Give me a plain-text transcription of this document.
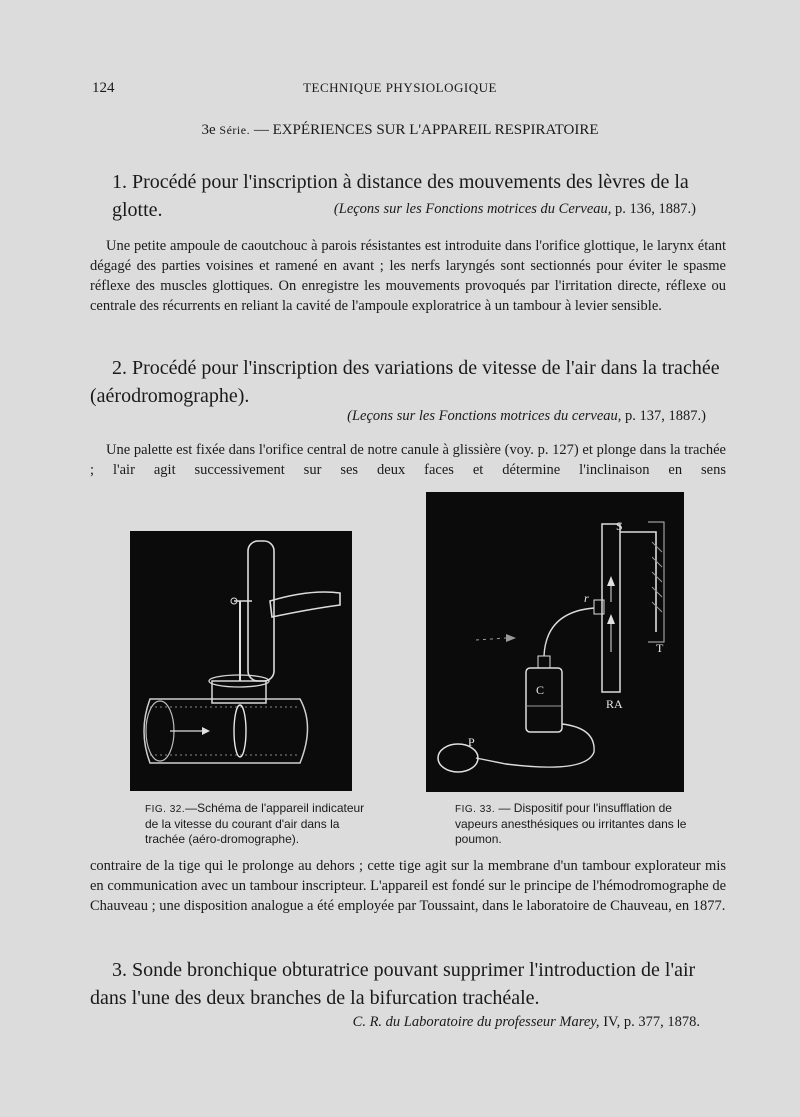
124	TECHNIQUE PHYSIOLOGIQUE
3e Série. — EXPÉRIENCES SUR L'APPAREIL RESPIRATOIRE
1. Procédé pour l'inscription à distance des mouvements des lèvres de la glotte.	(Leçons sur les Fonctions motrices du Cerveau, p. 136, 1887.)
Une petite ampoule de caoutchouc à parois résistantes est introduite dans l'orifice glottique, le larynx étant dégagé des parties voisines et ramené en avant ; les nerfs laryngés sont sectionnés pour éviter le spasme réflexe des muscles glottiques. On enregistre les mouvements provoqués par l'irritation directe, réflexe ou centrale des récurrents en reliant la cavité de l'ampoule exploratrice à un tambour à levier sensible.
2. Procédé pour l'inscription des variations de vitesse de l'air dans la trachée
(aérodromographe).
(Leçons sur les Fonctions motrices du cerveau, p. 137, 1887.)
Une palette est fixée dans l'orifice central de notre canule à glissière (voy. p. 127) et plonge dans la trachée ; l'air agit successivement sur ses deux faces et détermine l'inclinaison en sens
FIG. 32.—Schéma de l'appareil indicateur de la vitesse du courant d'air dans la trachée (aéro-dromographe).
S
r
T
C
RA
P
FIG. 33. — Dispositif pour l'insufflation de vapeurs anesthésiques ou irritantes dans le poumon.
contraire de la tige qui le prolonge au dehors ; cette tige agit sur la membrane d'un tambour explorateur mis en communication avec un tambour inscripteur. L'appareil est fondé sur le principe de l'hémodromographe de Chauveau ; une disposition analogue a été employée par Toussaint, dans le laboratoire de Chauveau, en 1877.
3. Sonde bronchique obturatrice pouvant supprimer l'introduction de l'air
dans l'une des deux branches de la bifurcation trachéale.
C. R. du Laboratoire du professeur Marey, IV, p. 377, 1878.
